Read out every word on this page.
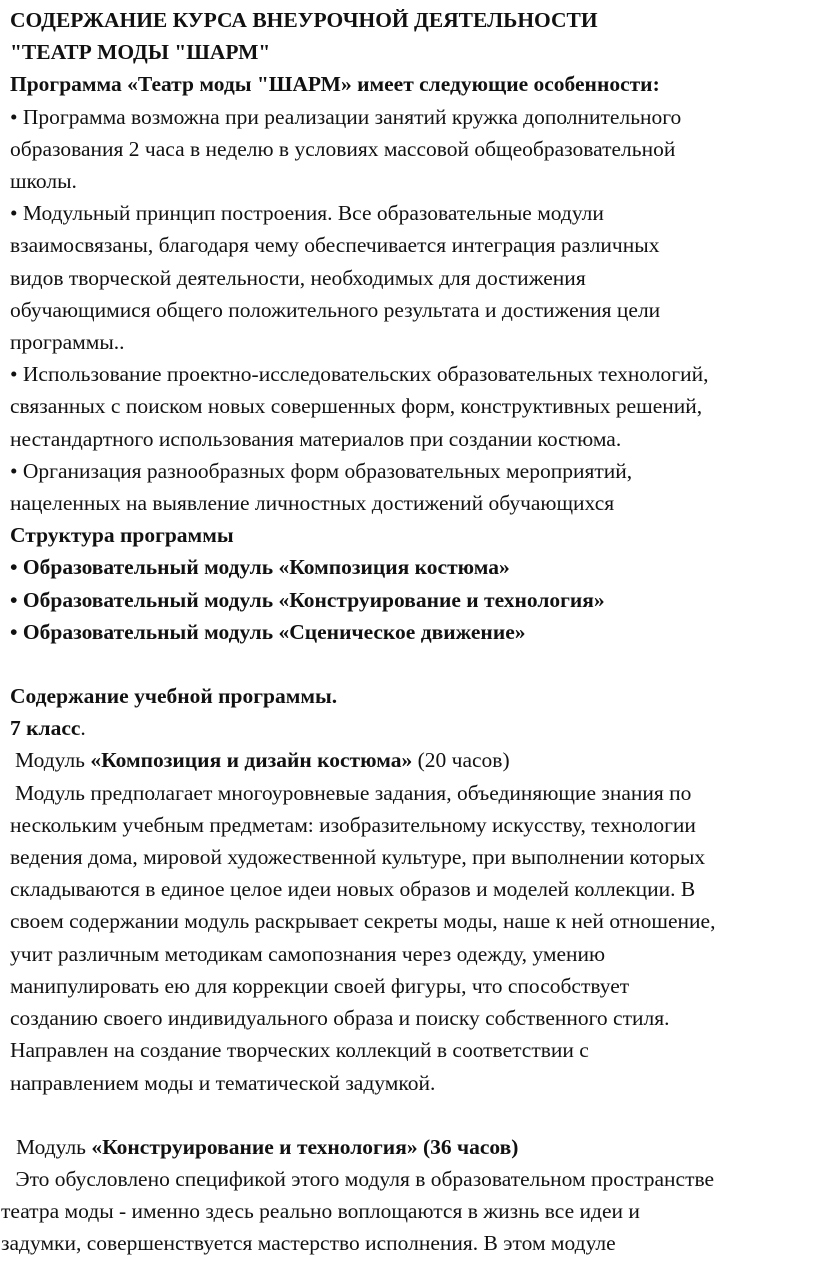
СОДЕРЖАНИЕ КУРСА ВНЕУРОЧНОЙ ДЕЯТЕЛЬНОСТИ
"ТЕАТР МОДЫ "ШАРМ"
Программа «Театр моды "ШАРМ» имеет следующие особенности:
• Программа возможна при реализации занятий кружка дополнительного
образования 2 часа в неделю в условиях массовой общеобразовательной
школы.
• Модульный принцип построения. Все образовательные модули
взаимосвязаны, благодаря чему обеспечивается интеграция различных
видов творческой деятельности, необходимых для достижения
обучающимися общего положительного результата и достижения цели
программы..
• Использование проектно-исследовательских образовательных технологий,
связанных с поиском новых совершенных форм, конструктивных решений,
нестандартного использования материалов при создании костюма.
• Организация разнообразных форм образовательных мероприятий,
нацеленных на выявление личностных достижений обучающихся
Структура программы
• Образовательный модуль «Композиция костюма»
• Образовательный модуль «Конструирование и технология»
• Образовательный модуль «Сценическое движение»
Содержание учебной программы.
7 класс.
Модуль «Композиция и дизайн костюма» (20 часов)
Модуль предполагает многоуровневые задания, объединяющие знания по
нескольким учебным предметам: изобразительному искусству, технологии
ведения дома, мировой художественной культуре, при выполнении которых
складываются в единое целое идеи новых образов и моделей коллекции. В
своем содержании модуль раскрывает секреты моды, наше к ней отношение,
учит различным методикам самопознания через одежду, умению
манипулировать ею для коррекции своей фигуры, что способствует
созданию своего индивидуального образа и поиску собственного стиля.
Направлен на создание творческих коллекций в соответствии с
направлением моды и тематической задумкой.
Модуль «Конструирование и технология» (36 часов)
Это обусловлено спецификой этого модуля в образовательном пространстве
театра моды - именно здесь реально воплощаются в жизнь все идеи и
задумки, совершенствуется мастерство исполнения. В этом модуле
